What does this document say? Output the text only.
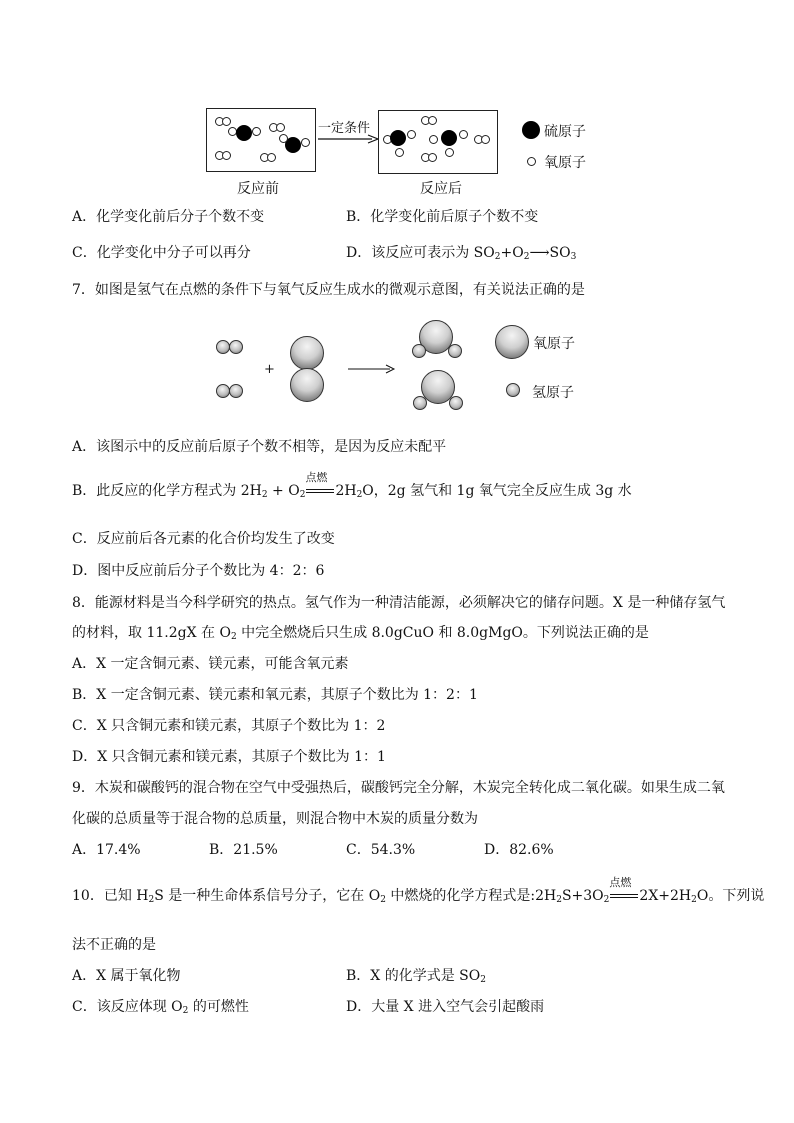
反应前
一定条件
反应后
硫原子
氧原子
A．化学变化前后分子个数不变	B．化学变化前后原子个数不变
C．化学变化中分子可以再分	D．该反应可表示为 $SO_2+O_2⟶SO_3$
7．如图是氢气在点燃的条件下与氧气反应生成水的微观示意图，有关说法正确的是
+
氧原子
氢原子
A．该图示中的反应前后原子个数不相等，是因为反应未配平
B．此反应的化学方程式为 $2H_2 + O_2$
点燃
$2H_2O$，2g 氢气和 1g 氧气完全反应生成 3g 水
C．反应前后各元素的化合价均发生了改变
D．图中反应前后分子个数比为 4：2：6
8．能源材料是当今科学研究的热点。氢气作为一种清洁能源，必须解决它的储存问题。X 是一种储存氢气
的材料，取 11.2gX 在 $O_2$ 中完全燃烧后只生成 8.0gCuO 和 8.0gMgO。下列说法正确的是
A．X 一定含铜元素、镁元素，可能含氧元素
B．X 一定含铜元素、镁元素和氧元素，其原子个数比为 1：2：1
C．X 只含铜元素和镁元素，其原子个数比为 1：2
D．X 只含铜元素和镁元素，其原子个数比为 1：1
9．木炭和碳酸钙的混合物在空气中受强热后，碳酸钙完全分解，木炭完全转化成二氧化碳。如果生成二氧
化碳的总质量等于混合物的总质量，则混合物中木炭的质量分数为
A．17.4%	B．21.5%	C．54.3%	D．82.6%
10．已知 $H_2S$ 是一种生命体系信号分子，它在 $O_2$ 中燃烧的化学方程式是$:2H_2S+3O_2$
点燃
$2X+2H_2O$。下列说
法不正确的是
A．X 属于氧化物	B．X 的化学式是 $SO_2$
C．该反应体现 $O_2$ 的可燃性	D．大量 X 进入空气会引起酸雨
